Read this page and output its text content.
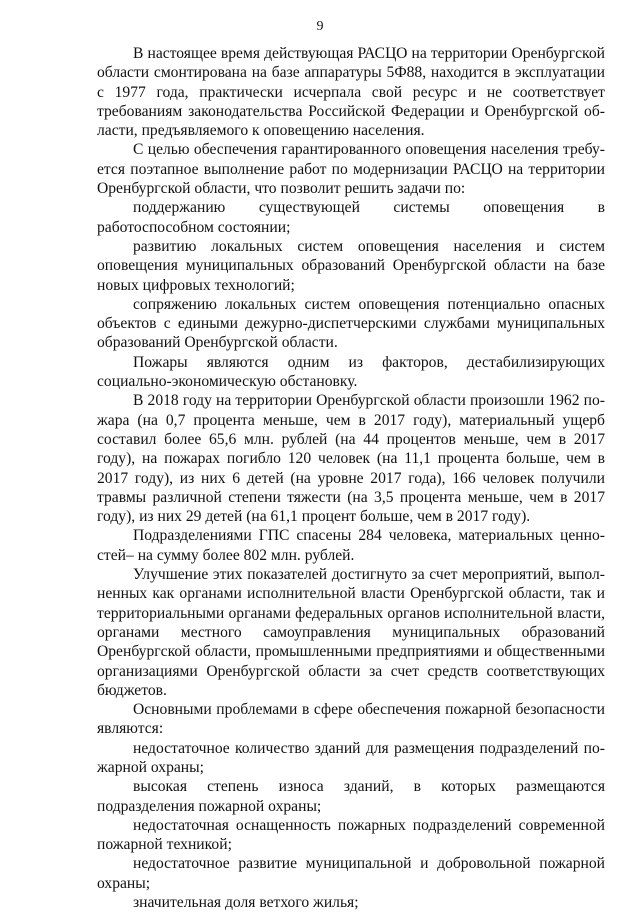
9

В настоящее время действующая РАСЦО на территории Оренбургской области смонтирована на базе аппаратуры 5Ф88, находится в эксплуатации с 1977 года, практически исчерпала свой ресурс и не соответствует требованиям законодательства Российской Федерации и Оренбургской области, предъявляемого к оповещению населения.

С целью обеспечения гарантированного оповещения населения требуется поэтапное выполнение работ по модернизации РАСЦО на территории Оренбургской области, что позволит решить задачи по:

поддержанию существующей системы оповещения в работоспособном состоянии;

развитию локальных систем оповещения населения и систем оповещения муниципальных образований Оренбургской области на базе новых цифровых технологий;

сопряжению локальных систем оповещения потенциально опасных объектов с едиными дежурно-диспетчерскими службами муниципальных образований Оренбургской области.

Пожары являются одним из факторов, дестабилизирующих социально-экономическую обстановку.

В 2018 году на территории Оренбургской области произошли 1962 пожара (на 0,7 процента меньше, чем в 2017 году), материальный ущерб составил более 65,6 млн. рублей (на 44 процентов меньше, чем в 2017 году), на пожарах погибло 120 человек (на 11,1 процента больше, чем в 2017 году), из них 6 детей (на уровне 2017 года), 166 человек получили травмы различной степени тяжести (на 3,5 процента меньше, чем в 2017 году), из них 29 детей (на 61,1 процент больше, чем в 2017 году).

Подразделениями ГПС спасены 284 человека, материальных ценностей– на сумму более 802 млн. рублей.

Улучшение этих показателей достигнуто за счет мероприятий, выполненных как органами исполнительной власти Оренбургской области, так и территориальными органами федеральных органов исполнительной власти, органами местного самоуправления муниципальных образований Оренбургской области, промышленными предприятиями и общественными организациями Оренбургской области за счет средств соответствующих бюджетов.

Основными проблемами в сфере обеспечения пожарной безопасности являются:

недостаточное количество зданий для размещения подразделений пожарной охраны;

высокая степень износа зданий, в которых размещаются подразделения пожарной охраны;

недостаточная оснащенность пожарных подразделений современной пожарной техникой;

недостаточное развитие муниципальной и добровольной пожарной охраны;

значительная доля ветхого жилья;
